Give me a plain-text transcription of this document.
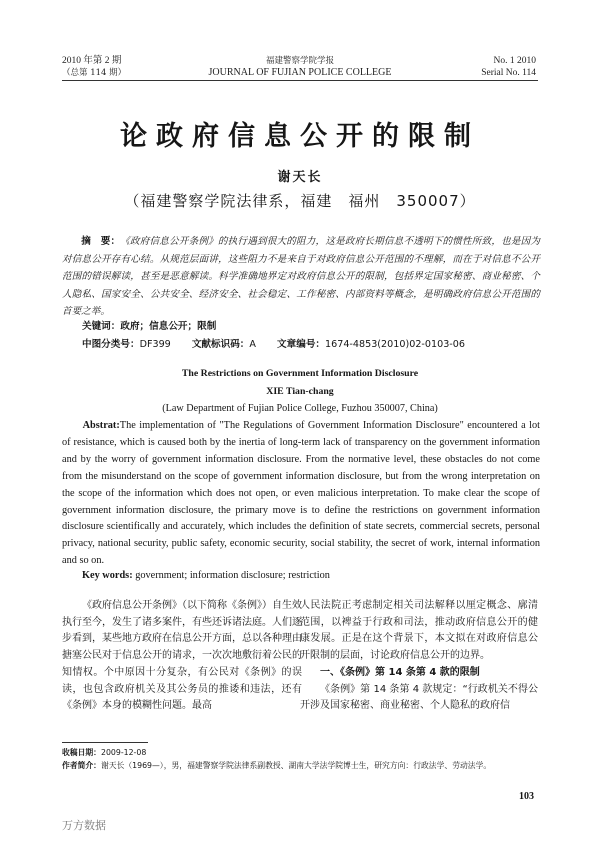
2010 年第 2 期
（总第 114 期）
福建警察学院学报
JOURNAL OF FUJIAN POLICE COLLEGE
No. 1 2010
Serial No. 114
论政府信息公开的限制
谢天长
（福建警察学院法律系，福建　福州　350007）
摘　要：《政府信息公开条例》的执行遇到很大的阻力，这是政府长期信息不透明下的惯性所致，也是因为对信息公开存有心结。从规范层面讲，这些阻力不是来自于对政府信息公开范围的不理解，而在于对信息不公开范围的错误解读，甚至是恶意解读。科学准确地界定对政府信息公开的限制，包括界定国家秘密、商业秘密、个人隐私、国家安全、公共安全、经济安全、社会稳定、工作秘密、内部资料等概念，是明确政府信息公开范围的首要之举。
关键词：政府；信息公开；限制
中图分类号：DF399 文献标识码：A 文章编号：1674-4853(2010)02-0103-06
The Restrictions on Government Information Disclosure
XIE Tian-chang
(Law Department of Fujian Police College, Fuzhou 350007, China)
Abstrat:The implementation of "The Regulations of Government Information Disclosure" encountered a lot of resistance, which is caused both by the inertia of long-term lack of transparency on the government information and by the worry of government information disclosure. From the normative level, these obstacles do not come from the misunderstand on the scope of government information disclosure, but from the wrong interpretation on the scope of the information which does not open, or even malicious interpretation. To make clear the scope of government information disclosure, the primary move is to define the restrictions on government information disclosure scientifically and accurately, which includes the definition of state secrets, commercial secrets, personal privacy, national security, public safety, economic security, social stability, the secret of work, internal information and so on.
Key words: government; information disclosure; restriction

《政府信息公开条例》（以下简称《条例》）自生效执行至今，发生了诸多案件，有些还诉诸法庭。人们逐步看到，某些地方政府在信息公开方面，总以各种理由搪塞公民对于信息公开的请求，一次次地敷衍着公民的知情权。个中原因十分复杂，有公民对《条例》的误读，也包含政府机关及其公务员的推诿和违法，还有《条例》本身的模糊性问题。最高

人民法院正考虑制定相关司法解释以厘定概念、廓清范围，以裨益于行政和司法，推动政府信息公开的健康发展。正是在这个背景下，本文拟在对政府信息公开限制的层面，讨论政府信息公开的边界。

一、《条例》第 14 条第 4 款的限制

《条例》第 14 条第 4 款规定：“行政机关不得公开涉及国家秘密、商业秘密、个人隐私的政府信

收稿日期：2009-12-08
作者简介：谢天长（1969—），男，福建警察学院法律系副教授、湖南大学法学院博士生，研究方向：行政法学、劳动法学。
103
万方数据
